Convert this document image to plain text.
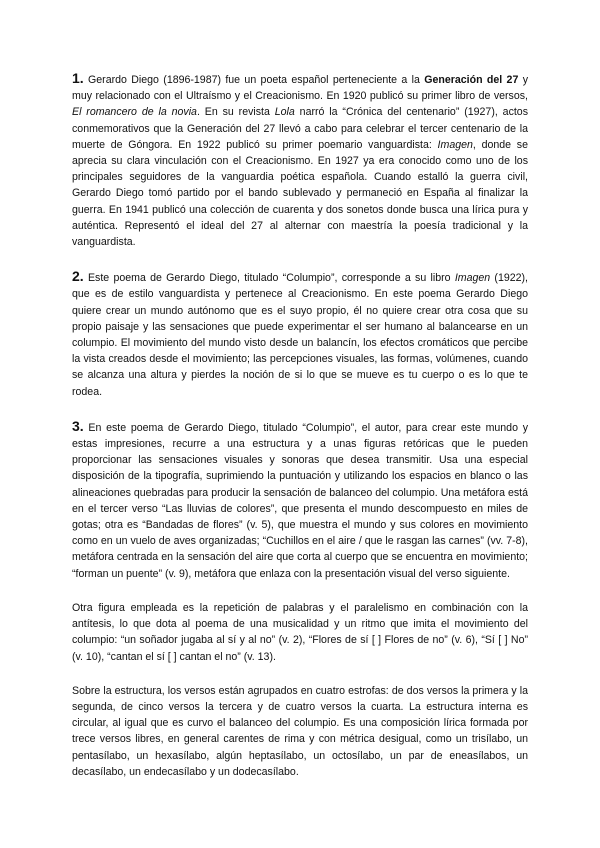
1. Gerardo Diego (1896-1987) fue un poeta español perteneciente a la Generación del 27 y muy relacionado con el Ultraísmo y el Creacionismo. En 1920 publicó su primer libro de versos, El romancero de la novia. En su revista Lola narró la “Crónica del centenario” (1927), actos conmemorativos que la Generación del 27 llevó a cabo para celebrar el tercer centenario de la muerte de Góngora. En 1922 publicó su primer poemario vanguardista: Imagen, donde se aprecia su clara vinculación con el Creacionismo. En 1927 ya era conocido como uno de los principales seguidores de la vanguardia poética española. Cuando estalló la guerra civil, Gerardo Diego tomó partido por el bando sublevado y permaneció en España al finalizar la guerra. En 1941 publicó una colección de cuarenta y dos sonetos donde busca una lírica pura y auténtica. Representó el ideal del 27 al alternar con maestría la poesía tradicional y la vanguardista.

2. Este poema de Gerardo Diego, titulado “Columpio”, corresponde a su libro Imagen (1922), que es de estilo vanguardista y pertenece al Creacionismo. En este poema Gerardo Diego quiere crear un mundo autónomo que es el suyo propio, él no quiere crear otra cosa que su propio paisaje y las sensaciones que puede experimentar el ser humano al balancearse en un columpio. El movimiento del mundo visto desde un balancín, los efectos cromáticos que percibe la vista creados desde el movimiento; las percepciones visuales, las formas, volúmenes, cuando se alcanza una altura y pierdes la noción de si lo que se mueve es tu cuerpo o es lo que te rodea.

3. En este poema de Gerardo Diego, titulado “Columpio”, el autor, para crear este mundo y estas impresiones, recurre a una estructura y a unas figuras retóricas que le pueden proporcionar las sensaciones visuales y sonoras que desea transmitir. Usa una especial disposición de la tipografía, suprimiendo la puntuación y utilizando los espacios en blanco o las alineaciones quebradas para producir la sensación de balanceo del columpio. Una metáfora está en el tercer verso “Las lluvias de colores”, que presenta el mundo descompuesto en miles de gotas; otra es “Bandadas de flores” (v. 5), que muestra el mundo y sus colores en movimiento como en un vuelo de aves organizadas; “Cuchillos en el aire / que le rasgan las carnes” (vv. 7-8), metáfora centrada en la sensación del aire que corta al cuerpo que se encuentra en movimiento; “forman un puente” (v. 9), metáfora que enlaza con la presentación visual del verso siguiente.

Otra figura empleada es la repetición de palabras y el paralelismo en combinación con la antítesis, lo que dota al poema de una musicalidad y un ritmo que imita el movimiento del columpio: “un soñador jugaba al sí y al no” (v. 2), “Flores de sí [ ] Flores de no” (v. 6), “Sí [ ] No” (v. 10), “cantan el sí [ ] cantan el no” (v. 13).

Sobre la estructura, los versos están agrupados en cuatro estrofas: de dos versos la primera y la segunda, de cinco versos la tercera y de cuatro versos la cuarta. La estructura interna es circular, al igual que es curvo el balanceo del columpio. Es una composición lírica formada por trece versos libres, en general carentes de rima y con métrica desigual, como un trisílabo, un pentasílabo, un hexasílabo, algún heptasílabo, un octosílabo, un par de eneasílabos, un decasílabo, un endecasílabo y un dodecasílabo.
